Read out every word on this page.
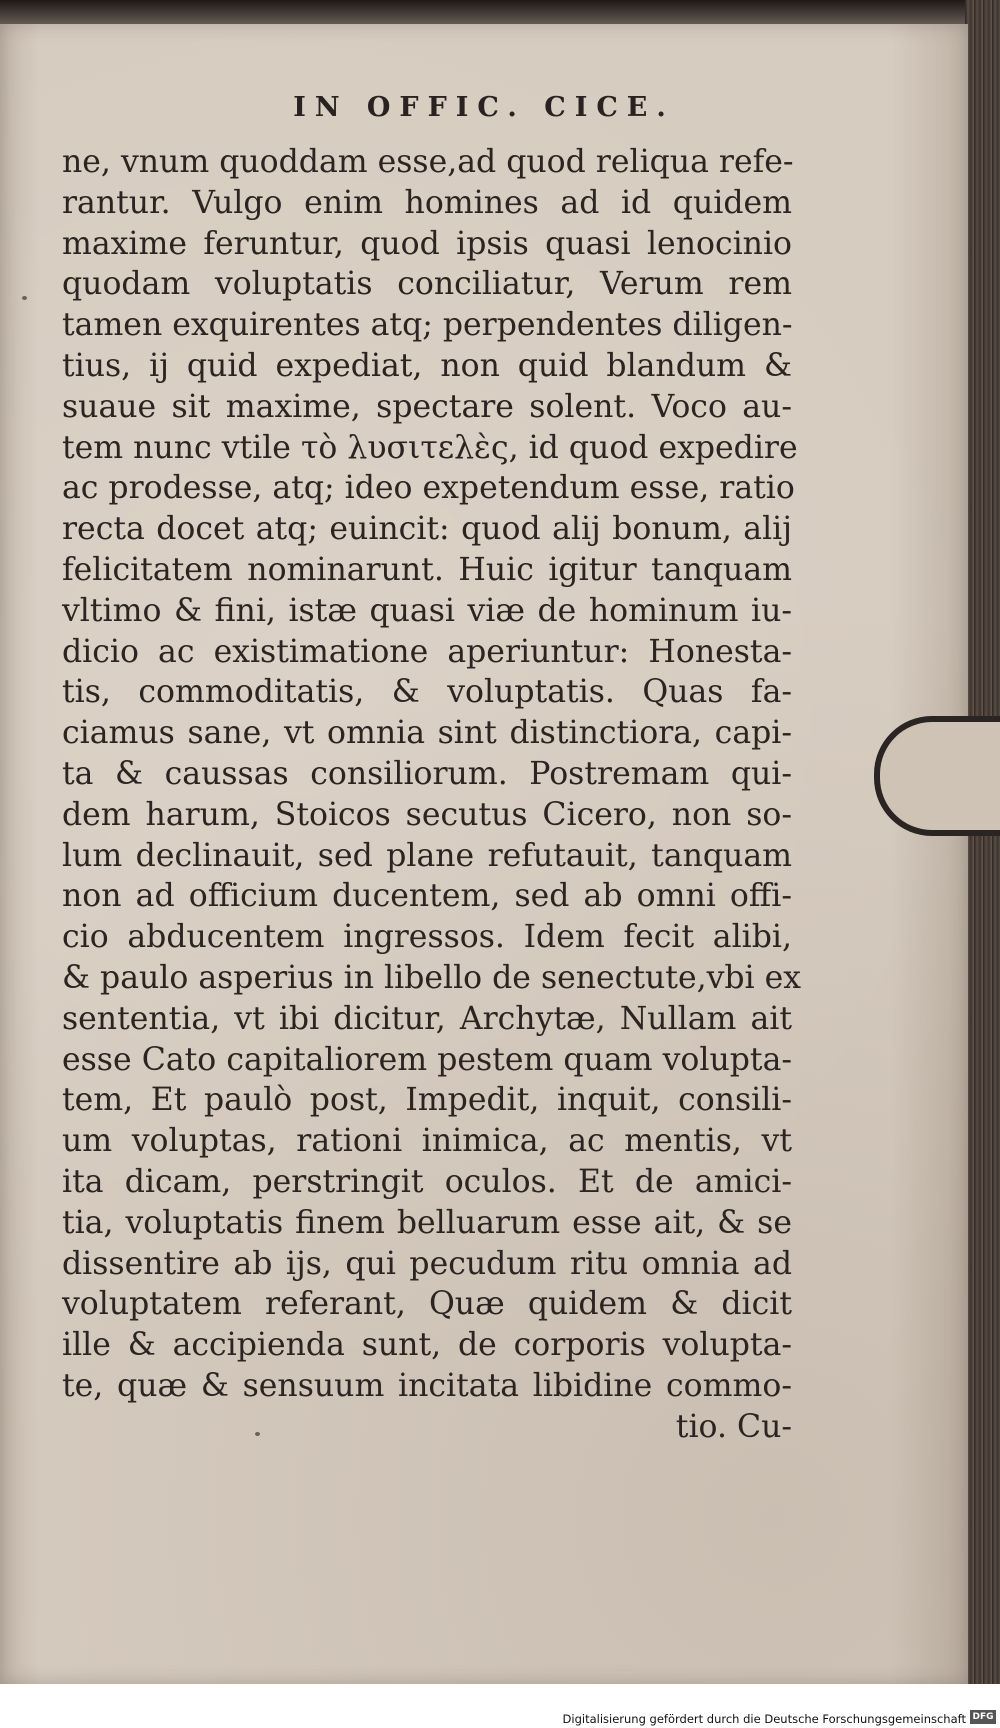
IN OFFIC. CICE.
ne, vnum quoddam esse,ad quod reliqua refe-
rantur. Vulgo enim homines ad id quidem
maxime feruntur, quod ipsis quasi lenocinio
quodam voluptatis conciliatur, Verum rem
tamen exquirentes atq; perpendentes diligen-
tius, ij quid expediat, non quid blandum &
suaue sit maxime, spectare solent. Voco au-
tem nunc vtile τὸ λυσιτελὲς, id quod expedire
ac prodesse, atq; ideo expetendum esse, ratio
recta docet atq; euincit: quod alij bonum, alij
felicitatem nominarunt. Huic igitur tanquam
vltimo & fini, istæ quasi viæ de hominum iu-
dicio ac existimatione aperiuntur: Honesta-
tis, commoditatis, & voluptatis. Quas fa-
ciamus sane, vt omnia sint distinctiora, capi-
ta & caussas consiliorum. Postremam qui-
dem harum, Stoicos secutus Cicero, non so-
lum declinauit, sed plane refutauit, tanquam
non ad officium ducentem, sed ab omni offi-
cio abducentem ingressos. Idem fecit alibi,
& paulo asperius in libello de senectute,vbi ex
sententia, vt ibi dicitur, Archytæ, Nullam ait
esse Cato capitaliorem pestem quam volupta-
tem, Et paulò post, Impedit, inquit, consili-
um voluptas, rationi inimica, ac mentis, vt
ita dicam, perstringit oculos. Et de amici-
tia, voluptatis finem belluarum esse ait, & se
dissentire ab ijs, qui pecudum ritu omnia ad
voluptatem referant, Quæ quidem & dicit
ille & accipienda sunt, de corporis volupta-
te, quæ & sensuum incitata libidine commo-
tio. Cu-
Digitalisierung gefördert durch die Deutsche Forschungsgemeinschaft DFG
